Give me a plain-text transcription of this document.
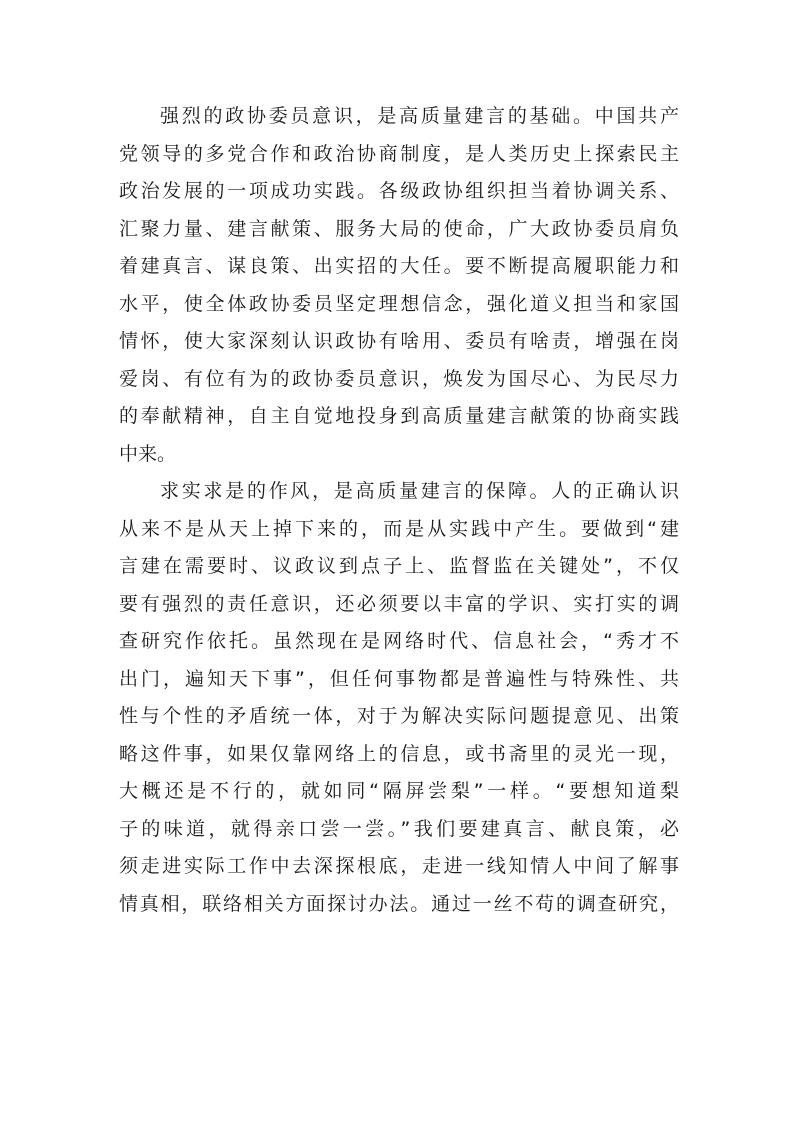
强烈的政协委员意识，是高质量建言的基础。中国共产
党领导的多党合作和政治协商制度，是人类历史上探索民主
政治发展的一项成功实践。各级政协组织担当着协调关系、
汇聚力量、建言献策、服务大局的使命，广大政协委员肩负
着建真言、谋良策、出实招的大任。要不断提高履职能力和
水平，使全体政协委员坚定理想信念，强化道义担当和家国
情怀，使大家深刻认识政协有啥用、委员有啥责，增强在岗
爱岗、有位有为的政协委员意识，焕发为国尽心、为民尽力
的奉献精神，自主自觉地投身到高质量建言献策的协商实践
中来。
求实求是的作风，是高质量建言的保障。人的正确认识
从来不是从天上掉下来的，而是从实践中产生。要做到“建
言建在需要时、议政议到点子上、监督监在关键处”，不仅
要有强烈的责任意识，还必须要以丰富的学识、实打实的调
查研究作依托。虽然现在是网络时代、信息社会，“秀才不
出门，遍知天下事”，但任何事物都是普遍性与特殊性、共
性与个性的矛盾统一体，对于为解决实际问题提意见、出策
略这件事，如果仅靠网络上的信息，或书斋里的灵光一现，
大概还是不行的，就如同“隔屏尝梨”一样。“要想知道梨
子的味道，就得亲口尝一尝。”我们要建真言、献良策，必
须走进实际工作中去深探根底，走进一线知情人中间了解事
情真相，联络相关方面探讨办法。通过一丝不苟的调查研究，
